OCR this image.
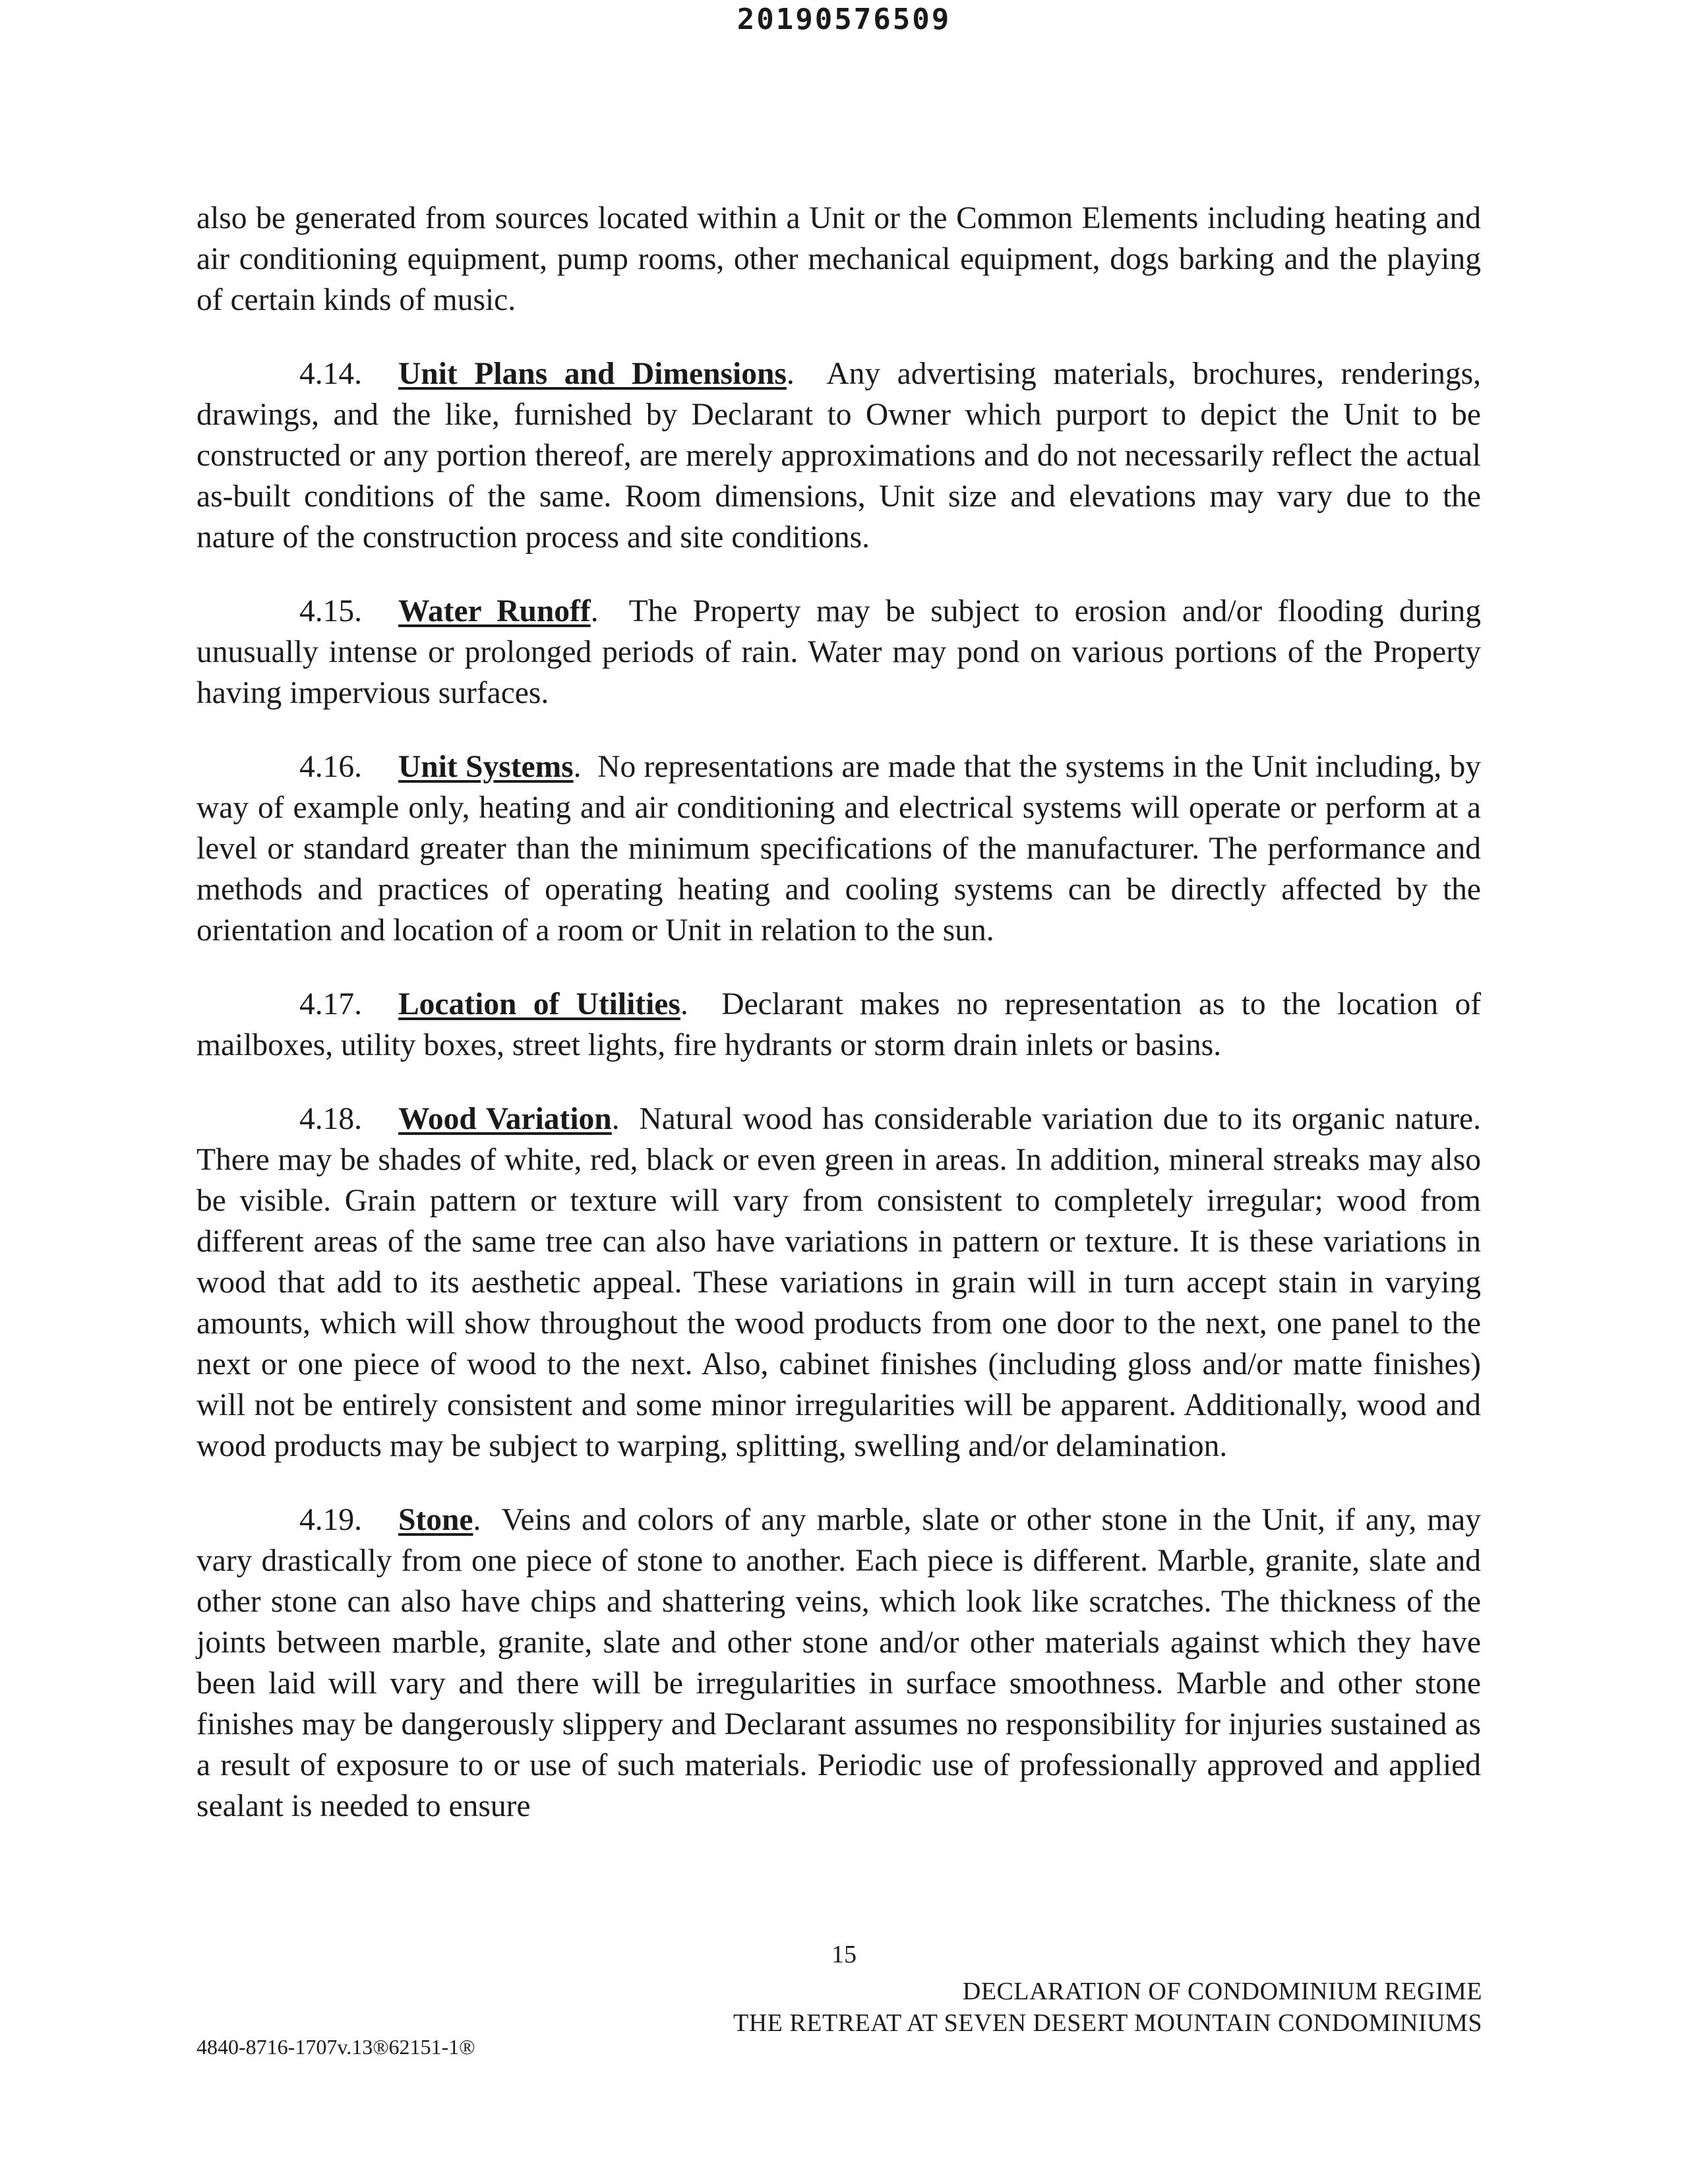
20190576509

also be generated from sources located within a Unit or the Common Elements including heating and air conditioning equipment, pump rooms, other mechanical equipment, dogs barking and the playing of certain kinds of music.

4.14. Unit Plans and Dimensions.  Any advertising materials, brochures, renderings, drawings, and the like, furnished by Declarant to Owner which purport to depict the Unit to be constructed or any portion thereof, are merely approximations and do not necessarily reflect the actual as-built conditions of the same. Room dimensions, Unit size and elevations may vary due to the nature of the construction process and site conditions.

4.15. Water Runoff.  The Property may be subject to erosion and/or flooding during unusually intense or prolonged periods of rain. Water may pond on various portions of the Property having impervious surfaces.

4.16. Unit Systems.  No representations are made that the systems in the Unit including, by way of example only, heating and air conditioning and electrical systems will operate or perform at a level or standard greater than the minimum specifications of the manufacturer. The performance and methods and practices of operating heating and cooling systems can be directly affected by the orientation and location of a room or Unit in relation to the sun.

4.17. Location of Utilities.  Declarant makes no representation as to the location of mailboxes, utility boxes, street lights, fire hydrants or storm drain inlets or basins.

4.18. Wood Variation.  Natural wood has considerable variation due to its organic nature. There may be shades of white, red, black or even green in areas. In addition, mineral streaks may also be visible. Grain pattern or texture will vary from consistent to completely irregular; wood from different areas of the same tree can also have variations in pattern or texture. It is these variations in wood that add to its aesthetic appeal. These variations in grain will in turn accept stain in varying amounts, which will show throughout the wood products from one door to the next, one panel to the next or one piece of wood to the next. Also, cabinet finishes (including gloss and/or matte finishes) will not be entirely consistent and some minor irregularities will be apparent. Additionally, wood and wood products may be subject to warping, splitting, swelling and/or delamination.

4.19. Stone.  Veins and colors of any marble, slate or other stone in the Unit, if any, may vary drastically from one piece of stone to another. Each piece is different. Marble, granite, slate and other stone can also have chips and shattering veins, which look like scratches. The thickness of the joints between marble, granite, slate and other stone and/or other materials against which they have been laid will vary and there will be irregularities in surface smoothness. Marble and other stone finishes may be dangerously slippery and Declarant assumes no responsibility for injuries sustained as a result of exposure to or use of such materials. Periodic use of professionally approved and applied sealant is needed to ensure

15
DECLARATION OF CONDOMINIUM REGIME
THE RETREAT AT SEVEN DESERT MOUNTAIN CONDOMINIUMS
4840-8716-1707v.13®62151-1®
